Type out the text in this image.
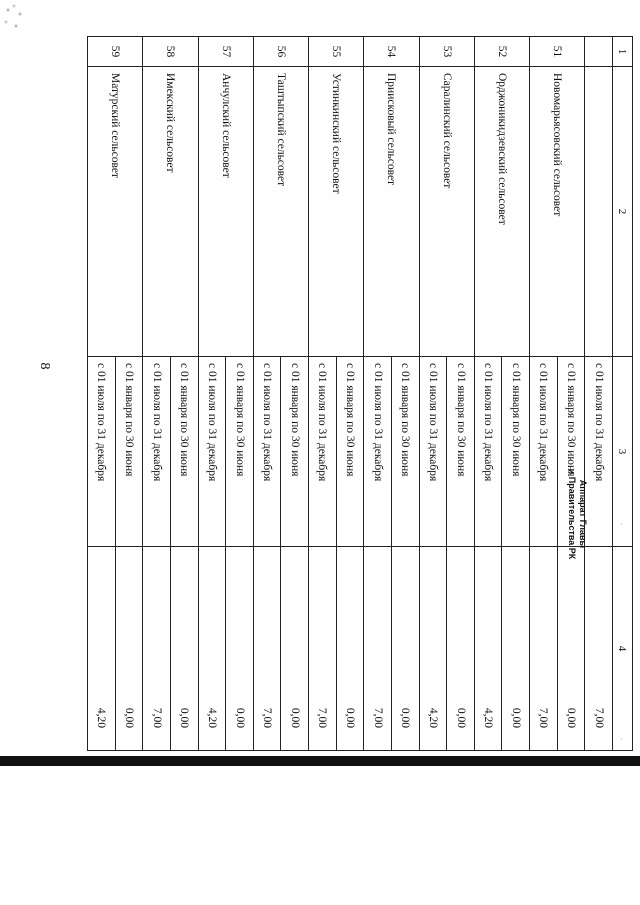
8
1	2	3	4
		с 01 июля по 31 декабря	7,00
51	Новомарьясовский сельсовет	с 01 января по 30 июня	0,00
		с 01 июля по 31 декабря	7,00
52	Орджоникидзевский сельсовет	с 01 января по 30 июня	0,00
		с 01 июля по 31 декабря	4,20
53	Саралинский сельсовет	с 01 января по 30 июня	0,00
		с 01 июля по 31 декабря	4,20
54	Приисковый сельсовет	с 01 января по 30 июня	0,00
		с 01 июля по 31 декабря	7,00
55	Устинкинский сельсовет	с 01 января по 30 июня	0,00
		с 01 июля по 31 декабря	7,00
56	Таштыпский сельсовет	с 01 января по 30 июня	0,00
		с 01 июля по 31 декабря	7,00
57	Анчулский сельсовет	с 01 января по 30 июня	0,00
		с 01 июля по 31 декабря	4,20
58	Имекский сельсовет	с 01 января по 30 июня	0,00
		с 01 июля по 31 декабря	7,00
59	Матурский сельсовет	с 01 января по 30 июня	0,00
		с 01 июля по 31 декабря	4,20
Аппарат Главы
и Правительства РК	·
·
